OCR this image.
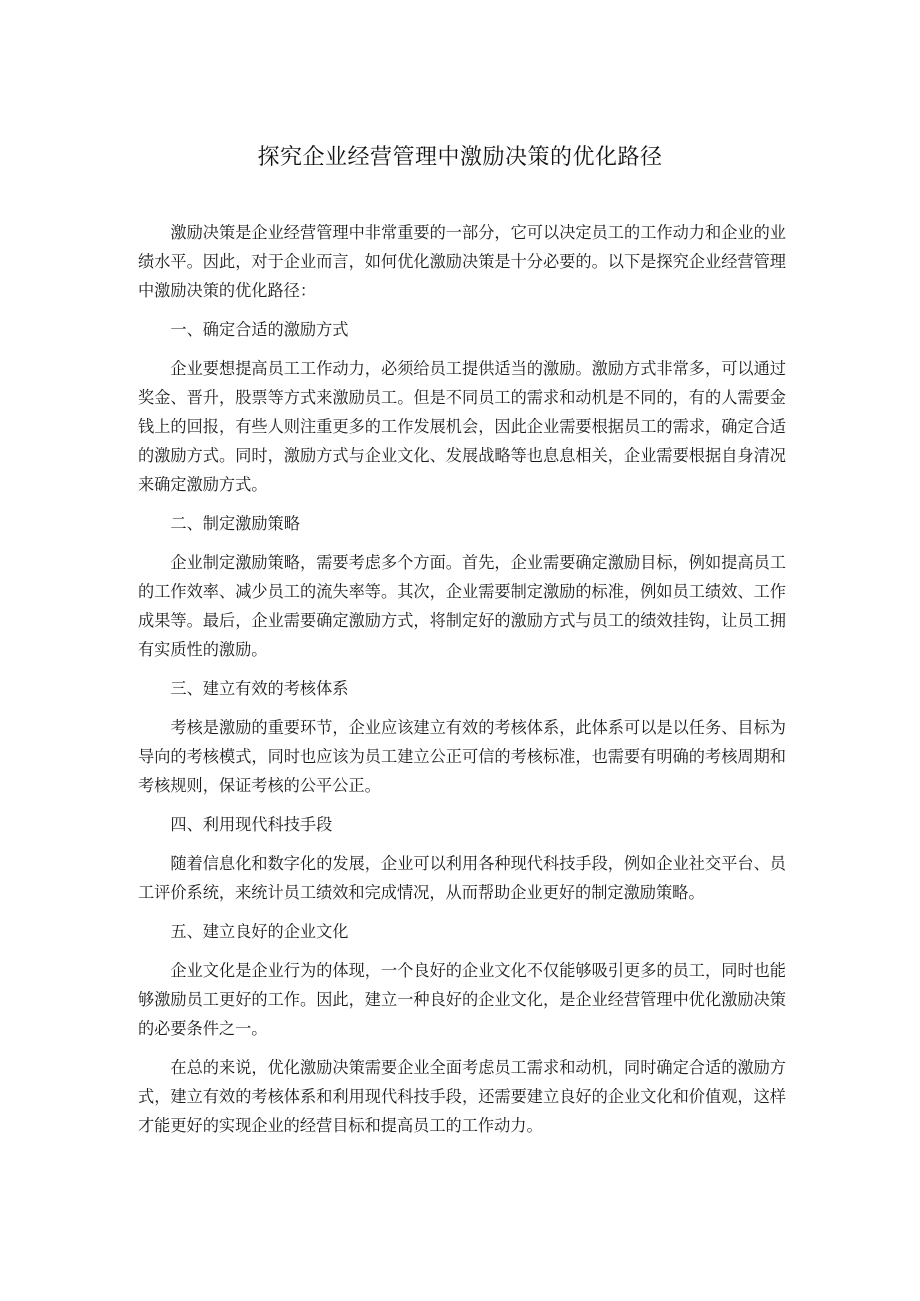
探究企业经营管理中激励决策的优化路径

激励决策是企业经营管理中非常重要的一部分，它可以决定员工的工作动力和企业的业绩水平。因此，对于企业而言，如何优化激励决策是十分必要的。以下是探究企业经营管理中激励决策的优化路径：

一、确定合适的激励方式

企业要想提高员工工作动力，必须给员工提供适当的激励。激励方式非常多，可以通过奖金、晋升，股票等方式来激励员工。但是不同员工的需求和动机是不同的，有的人需要金钱上的回报，有些人则注重更多的工作发展机会，因此企业需要根据员工的需求，确定合适的激励方式。同时，激励方式与企业文化、发展战略等也息息相关，企业需要根据自身清况来确定激励方式。

二、制定激励策略

企业制定激励策略，需要考虑多个方面。首先，企业需要确定激励目标，例如提高员工的工作效率、减少员工的流失率等。其次，企业需要制定激励的标准，例如员工绩效、工作成果等。最后，企业需要确定激励方式，将制定好的激励方式与员工的绩效挂钩，让员工拥有实质性的激励。

三、建立有效的考核体系

考核是激励的重要环节，企业应该建立有效的考核体系，此体系可以是以任务、目标为导向的考核模式，同时也应该为员工建立公正可信的考核标准，也需要有明确的考核周期和考核规则，保证考核的公平公正。

四、利用现代科技手段

随着信息化和数字化的发展，企业可以利用各种现代科技手段，例如企业社交平台、员工评价系统，来统计员工绩效和完成情况，从而帮助企业更好的制定激励策略。

五、建立良好的企业文化

企业文化是企业行为的体现，一个良好的企业文化不仅能够吸引更多的员工，同时也能够激励员工更好的工作。因此，建立一种良好的企业文化，是企业经营管理中优化激励决策的必要条件之一。

在总的来说，优化激励决策需要企业全面考虑员工需求和动机，同时确定合适的激励方式，建立有效的考核体系和利用现代科技手段，还需要建立良好的企业文化和价值观，这样才能更好的实现企业的经营目标和提高员工的工作动力。
